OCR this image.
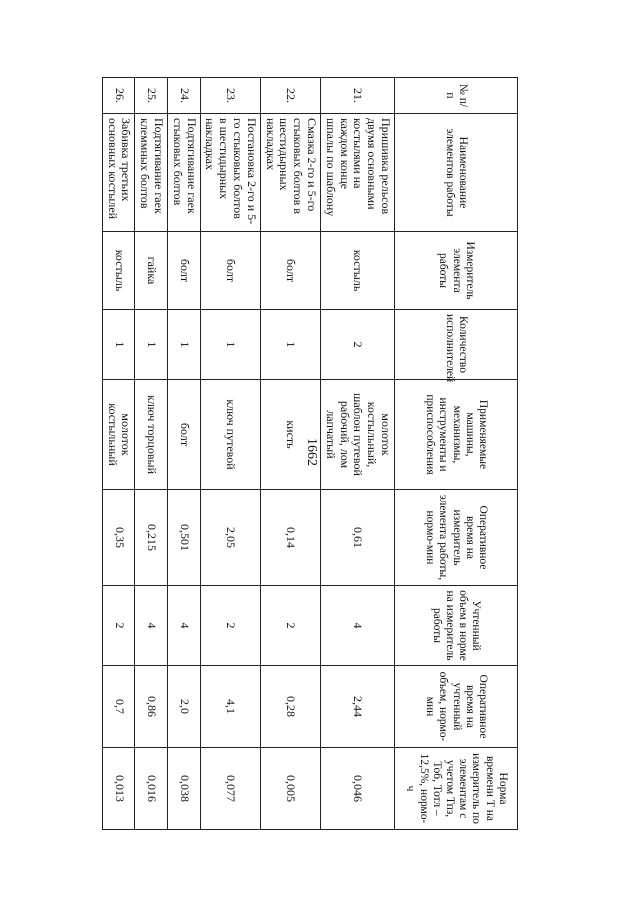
1662
№ п/п	Наименование элементов работы	Измеритель элемента работы	Количество исполнителей	Применяемые машины, механизмы, инструменты и приспособления	Оперативное время на измеритель элемента работы, нормо-мин	Учтенный объем в норме на измеритель работы	Оперативное время на учтенный объем, нормо-мин	Норма времени Т на измеритель по элементам с учетом Тпз, Тоб, Тотл – 12,5%, нормо-ч
21.	Пришивка рельсов двумя основными костылями на каждом конце шпалы по шаблону	костыль	2	молоток костыльный, шаблон путевой рабочий, лом лапчатый	0,61	4	2,44	0,046
22.	Смазка 2-го и 5-го стыковых болтов в шестидырных накладках	болт	1	кисть	0,14	2	0,28	0,005
23.	Постановка 2-го и 5-го стыковых болтов в шестидырных накладках	болт	1	ключ путевой	2,05	2	4,1	0,077
24.	Подтягивание гаек стыковых болтов	болт	1	болт	0,501	4	2,0	0,038
25.	Подтягивание гаек клеммных болтов	гайка	1	ключ торцовый	0,215	4	0,86	0,016
26.	Забивка третьих основных костылей	костыль	1	молоток костыльный	0,35	2	0,7	0,013
